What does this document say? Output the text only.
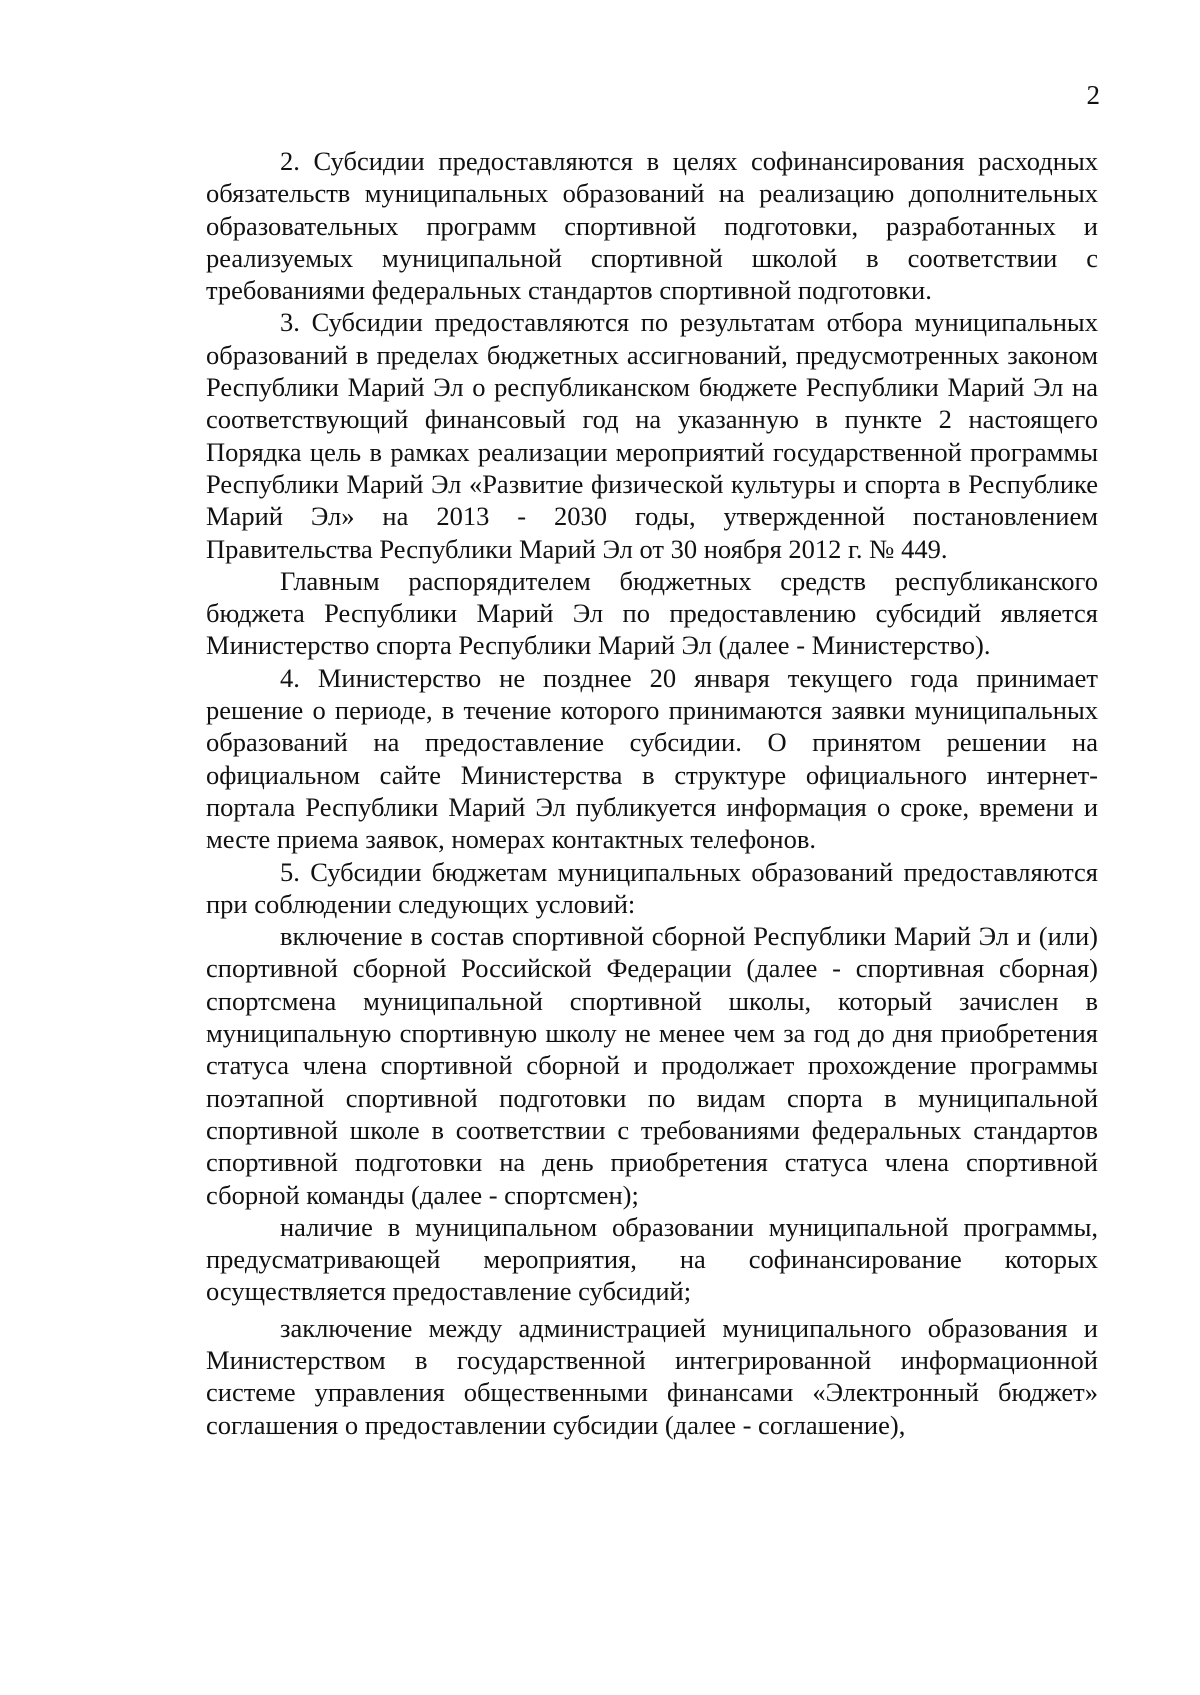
2

2. Субсидии предоставляются в целях софинансирования расходных обязательств муниципальных образований на реализацию дополнительных образовательных программ спортивной подготовки, разработанных и реализуемых муниципальной спортивной школой в соответствии с требованиями федеральных стандартов спортивной подготовки.

3. Субсидии предоставляются по результатам отбора муниципальных образований в пределах бюджетных ассигнований, предусмотренных законом Республики Марий Эл о республиканском бюджете Республики Марий Эл на соответствующий финансовый год на указанную в пункте 2 настоящего Порядка цель в рамках реализации мероприятий государственной программы Республики Марий Эл «Развитие физической культуры и спорта в Республике Марий Эл» на 2013 - 2030 годы, утвержденной постановлением Правительства Республики Марий Эл от 30 ноября 2012 г. № 449.

Главным распорядителем бюджетных средств республиканского бюджета Республики Марий Эл по предоставлению субсидий является Министерство спорта Республики Марий Эл (далее - Министерство).

4. Министерство не позднее 20 января текущего года принимает решение о периоде, в течение которого принимаются заявки муниципальных образований на предоставление субсидии. О принятом решении на официальном сайте Министерства в структуре официального интернет-портала Республики Марий Эл публикуется информация о сроке, времени и месте приема заявок, номерах контактных телефонов.

5. Субсидии бюджетам муниципальных образований предоставляются при соблюдении следующих условий:

включение в состав спортивной сборной Республики Марий Эл и (или) спортивной сборной Российской Федерации (далее - спортивная сборная) спортсмена муниципальной спортивной школы, который зачислен в муниципальную спортивную школу не менее чем за год до дня приобретения статуса члена спортивной сборной и продолжает прохождение программы поэтапной спортивной подготовки по видам спорта в муниципальной спортивной школе в соответствии с требованиями федеральных стандартов спортивной подготовки на день приобретения статуса члена спортивной сборной команды (далее - спортсмен);

наличие в муниципальном образовании муниципальной программы, предусматривающей мероприятия, на софинансирование которых осуществляется предоставление субсидий;

заключение между администрацией муниципального образования и Министерством в государственной интегрированной информационной системе управления общественными финансами «Электронный бюджет» соглашения о предоставлении субсидии (далее - соглашение),
